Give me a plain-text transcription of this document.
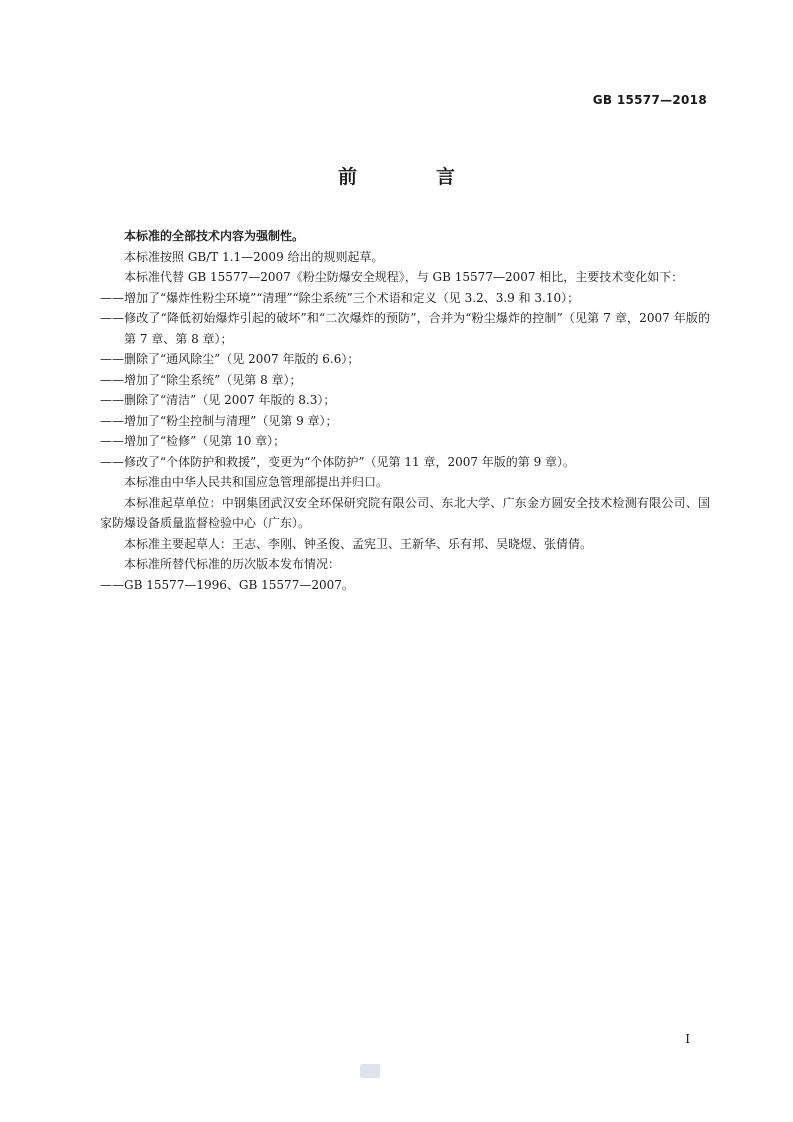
GB 15577—2018
前　言

本标准的全部技术内容为强制性。

本标准按照 GB/T 1.1—2009 给出的规则起草。

本标准代替 GB 15577—2007《粉尘防爆安全规程》，与 GB 15577—2007 相比，主要技术变化如下：

——增加了“爆炸性粉尘环境”“清理”“除尘系统”三个术语和定义（见 3.2、3.9 和 3.10）；

——修改了“降低初始爆炸引起的破坏”和“二次爆炸的预防”，合并为“粉尘爆炸的控制”（见第 7 章，2007 年版的第 7 章、第 8 章）；

——删除了“通风除尘”（见 2007 年版的 6.6）；

——增加了“除尘系统”（见第 8 章）；

——删除了“清洁”（见 2007 年版的 8.3）；

——增加了“粉尘控制与清理”（见第 9 章）；

——增加了“检修”（见第 10 章）；

——修改了“个体防护和救援”，变更为“个体防护”（见第 11 章，2007 年版的第 9 章）。

本标准由中华人民共和国应急管理部提出并归口。

本标准起草单位：中钢集团武汉安全环保研究院有限公司、东北大学、广东金方圆安全技术检测有限公司、国家防爆设备质量监督检验中心（广东）。

本标准主要起草人：王志、李刚、钟圣俊、孟宪卫、王新华、乐有邦、吴晓煜、张倩倩。

本标准所替代标准的历次版本发布情况：

——GB 15577—1996、GB 15577—2007。

I
